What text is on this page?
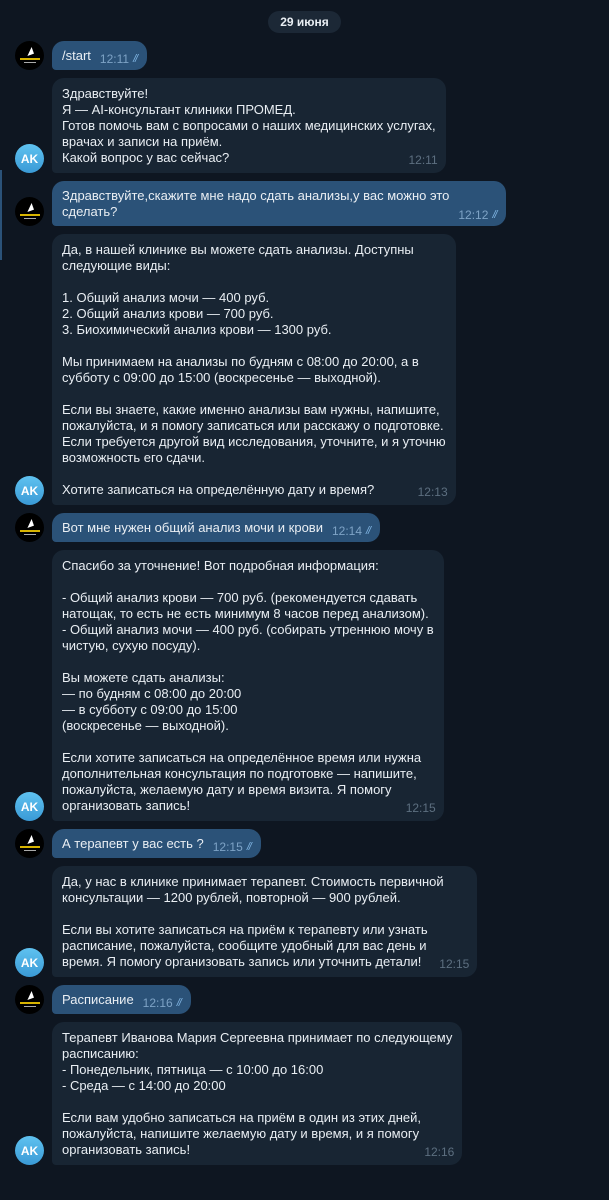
29 июня
/start 12:11
AK
Здравствуйте!
Я — AI-консультант клиники ПРОМЕД.
Готов помочь вам с вопросами о наших медицинских услугах,
врачах и записи на приём.
Какой вопрос у вас сейчас?	12:11
Здравствуйте,скажите мне надо сдать анализы,у вас можно это
сделать?	12:12
AK
Да, в нашей клинике вы можете сдать анализы. Доступны
следующие виды:

1. Общий анализ мочи — 400 руб.
2. Общий анализ крови — 700 руб.
3. Биохимический анализ крови — 1300 руб.

Мы принимаем на анализы по будням с 08:00 до 20:00, а в
субботу с 09:00 до 15:00 (воскресенье — выходной).

Если вы знаете, какие именно анализы вам нужны, напишите,
пожалуйста, и я помогу записаться или расскажу о подготовке.
Если требуется другой вид исследования, уточните, и я уточню
возможность его сдачи.

Хотите записаться на определённую дату и время?	12:13
Вот мне нужен общий анализ мочи и крови 12:14
AK
Спасибо за уточнение! Вот подробная информация:

- Общий анализ крови — 700 руб. (рекомендуется сдавать
натощак, то есть не есть минимум 8 часов перед анализом).
- Общий анализ мочи — 400 руб. (собирать утреннюю мочу в
чистую, сухую посуду).

Вы можете сдать анализы:
— по будням с 08:00 до 20:00
— в субботу с 09:00 до 15:00
(воскресенье — выходной).

Если хотите записаться на определённое время или нужна
дополнительная консультация по подготовке — напишите,
пожалуйста, желаемую дату и время визита. Я помогу
организовать запись!	12:15
А терапевт у вас есть ? 12:15
AK
Да, у нас в клинике принимает терапевт. Стоимость первичной
консультации — 1200 рублей, повторной — 900 рублей.

Если вы хотите записаться на приём к терапевту или узнать
расписание, пожалуйста, сообщите удобный для вас день и
время. Я помогу организовать запись или уточнить детали! 12:15
Расписание 12:16
AK
Терапевт Иванова Мария Сергеевна принимает по следующему
расписанию:
- Понедельник, пятница — с 10:00 до 16:00
- Среда — с 14:00 до 20:00

Если вам удобно записаться на приём в один из этих дней,
пожалуйста, напишите желаемую дату и время, и я помогу
организовать запись!	12:16
